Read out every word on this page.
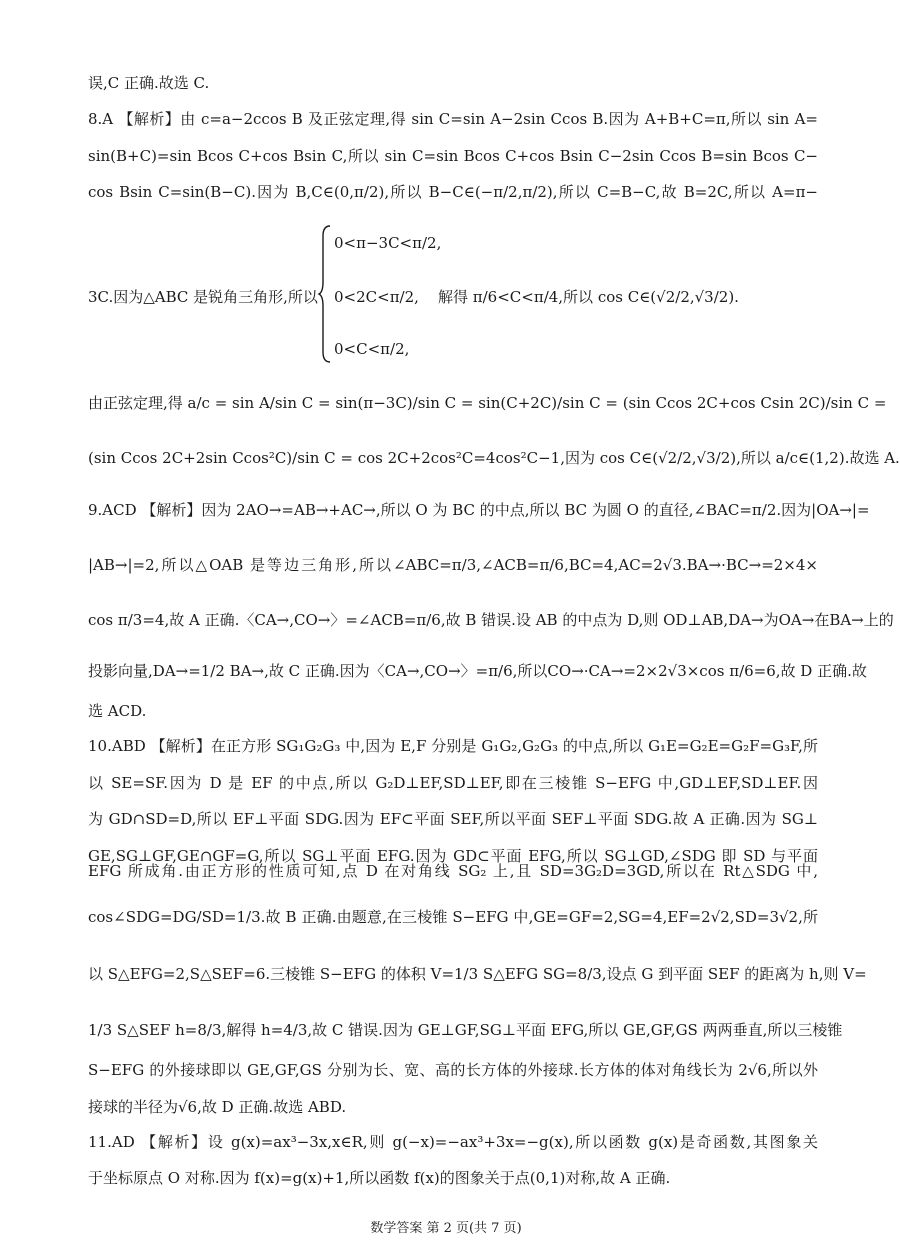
误,C 正确.故选 C.
8.A 【解析】由 c=a−2ccos B 及正弦定理,得 sin C=sin A−2sin Ccos B.因为 A+B+C=π,所以 sin A=
sin(B+C)=sin Bcos C+cos Bsin C,所以 sin C=sin Bcos C+cos Bsin C−2sin Ccos B=sin Bcos C−
cos Bsin C=sin(B−C).因为 B,C∈(0,π/2),所以 B−C∈(−π/2,π/2),所以 C=B−C,故 B=2C,所以 A=π−
3C.因为△ABC 是锐角三角形,所以
0<π−3C<π/2,
0<2C<π/2,
0<C<π/2,
解得 π/6<C<π/4,所以 cos C∈(√2/2,√3/2).
由正弦定理,得 a/c = sin A/sin C = sin(π−3C)/sin C = sin(C+2C)/sin C = (sin Ccos 2C+cos Csin 2C)/sin C =
(sin Ccos 2C+2sin Ccos²C)/sin C = cos 2C+2cos²C=4cos²C−1,因为 cos C∈(√2/2,√3/2),所以 a/c∈(1,2).故选 A.
9.ACD 【解析】因为 2AO→=AB→+AC→,所以 O 为 BC 的中点,所以 BC 为圆 O 的直径,∠BAC=π/2.因为|OA→|=
|AB→|=2,所以△OAB 是等边三角形,所以∠ABC=π/3,∠ACB=π/6,BC=4,AC=2√3.BA→·BC→=2×4×
cos π/3=4,故 A 正确.〈CA→,CO→〉=∠ACB=π/6,故 B 错误.设 AB 的中点为 D,则 OD⊥AB,DA→为OA→在BA→上的
投影向量,DA→=1/2 BA→,故 C 正确.因为〈CA→,CO→〉=π/6,所以CO→·CA→=2×2√3×cos π/6=6,故 D 正确.故
选 ACD.
10.ABD 【解析】在正方形 SG₁G₂G₃ 中,因为 E,F 分别是 G₁G₂,G₂G₃ 的中点,所以 G₁E=G₂E=G₂F=G₃F,所
以 SE=SF.因为 D 是 EF 的中点,所以 G₂D⊥EF,SD⊥EF,即在三棱锥 S−EFG 中,GD⊥EF,SD⊥EF.因
为 GD∩SD=D,所以 EF⊥平面 SDG.因为 EF⊂平面 SEF,所以平面 SEF⊥平面 SDG.故 A 正确.因为 SG⊥
GE,SG⊥GF,GE∩GF=G,所以 SG⊥平面 EFG.因为 GD⊂平面 EFG,所以 SG⊥GD,∠SDG 即 SD 与平面
EFG 所成角.由正方形的性质可知,点 D 在对角线 SG₂ 上,且 SD=3G₂D=3GD,所以在 Rt△SDG 中,
cos∠SDG=DG/SD=1/3.故 B 正确.由题意,在三棱锥 S−EFG 中,GE=GF=2,SG=4,EF=2√2,SD=3√2,所
以 S△EFG=2,S△SEF=6.三棱锥 S−EFG 的体积 V=1/3 S△EFG SG=8/3,设点 G 到平面 SEF 的距离为 h,则 V=
1/3 S△SEF h=8/3,解得 h=4/3,故 C 错误.因为 GE⊥GF,SG⊥平面 EFG,所以 GE,GF,GS 两两垂直,所以三棱锥
S−EFG 的外接球即以 GE,GF,GS 分别为长、宽、高的长方体的外接球.长方体的体对角线长为 2√6,所以外
接球的半径为√6,故 D 正确.故选 ABD.
11.AD 【解析】设 g(x)=ax³−3x,x∈R,则 g(−x)=−ax³+3x=−g(x),所以函数 g(x)是奇函数,其图象关
于坐标原点 O 对称.因为 f(x)=g(x)+1,所以函数 f(x)的图象关于点(0,1)对称,故 A 正确.
数学答案 第 2 页(共 7 页)
